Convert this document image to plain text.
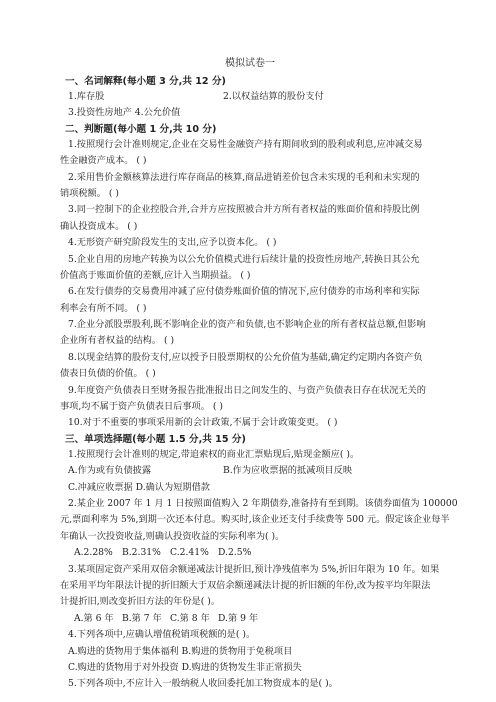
模拟试卷一
一、名词解释(每小题 3 分,共 12 分)
1.库存股	2.以权益结算的股份支付
3.投资性房地产 4.公允价值
二、判断题(每小题 1 分,共 10 分)
1.按照现行会计准则规定,企业在交易性金融资产持有期间收到的股利或利息,应冲减交易
性金融资产成本。 ( )
2.采用售价金额核算法进行库存商品的核算,商品进销差价包含未实现的毛利和未实现的
销项税额。 ( )
3.同一控制下的企业控股合并,合并方应按照被合并方所有者权益的账面价值和持股比例
确认投资成本。 ( )
4.无形资产研究阶段发生的支出,应予以资本化。 ( )
5.企业自用的房地产转换为以公允价值模式进行后续计量的投资性房地产,转换日其公允
价值高于账面价值的差额,应计入当期损益。 ( )
6.在发行债券的交易费用冲减了应付债券账面价值的情况下,应付债券的市场利率和实际
利率会有所不同。 ( )
7.企业分派股票股利,既不影响企业的资产和负债,也不影响企业的所有者权益总额,但影响
企业所有者权益的结构。 ( )
8.以现金结算的股份支付,应以授予日股票期权的公允价值为基础,确定约定期内各资产负
债表日负债的价值。 ( )
9.年度资产负债表日至财务报告批准报出日之间发生的、与资产负债表日存在状况无关的
事项,均不属于资产负债表日后事项。 ( )
10.对于不重要的事项采用新的会计政策,不属于会计政策变更。 ( )
三、单项选择题(每小题 1.5 分,共 15 分)
1.按照现行会计准则的规定,带追索权的商业汇票贴现后,贴现金额应( )。
A.作为或有负债披露	B.作为应收票据的抵减项目反映
C.冲减应收票据 D.确认为短期借款
2.某企业 2007 年 1 月 1 日按照面值购入 2 年期债券,准备持有至到期。该债券面值为 100000
元,票面利率为 5%,到期一次还本付息。购买时,该企业还支付手续费等 500 元。假定该企业每半
年确认一次投资收益,则确认投资收益的实际利率为( )。
A.2.28%	B.2.31% C.2.41% D.2.5%
3.某项固定资产采用双倍余额递减法计提折旧,预计净残值率为 5%,折旧年限为 10 年。如果
在采用平均年限法计提的折旧额大于双倍余额递减法计提的折旧额的年份,改为按平均年限法
计提折旧,则改变折旧方法的年份是( )。
A.第 6 年 B.第 7 年 C.第 8 年 D.第 9 年
4.下列各项中,应确认增值税销项税额的是( )。
A.购进的货物用于集体福利 B.购进的货物用于免税项目
C.购进的货物用于对外投资 D.购进的货物发生非正常损失
5.下列各项中,不应计入一般纳税人收回委托加工物资成本的是( )。
